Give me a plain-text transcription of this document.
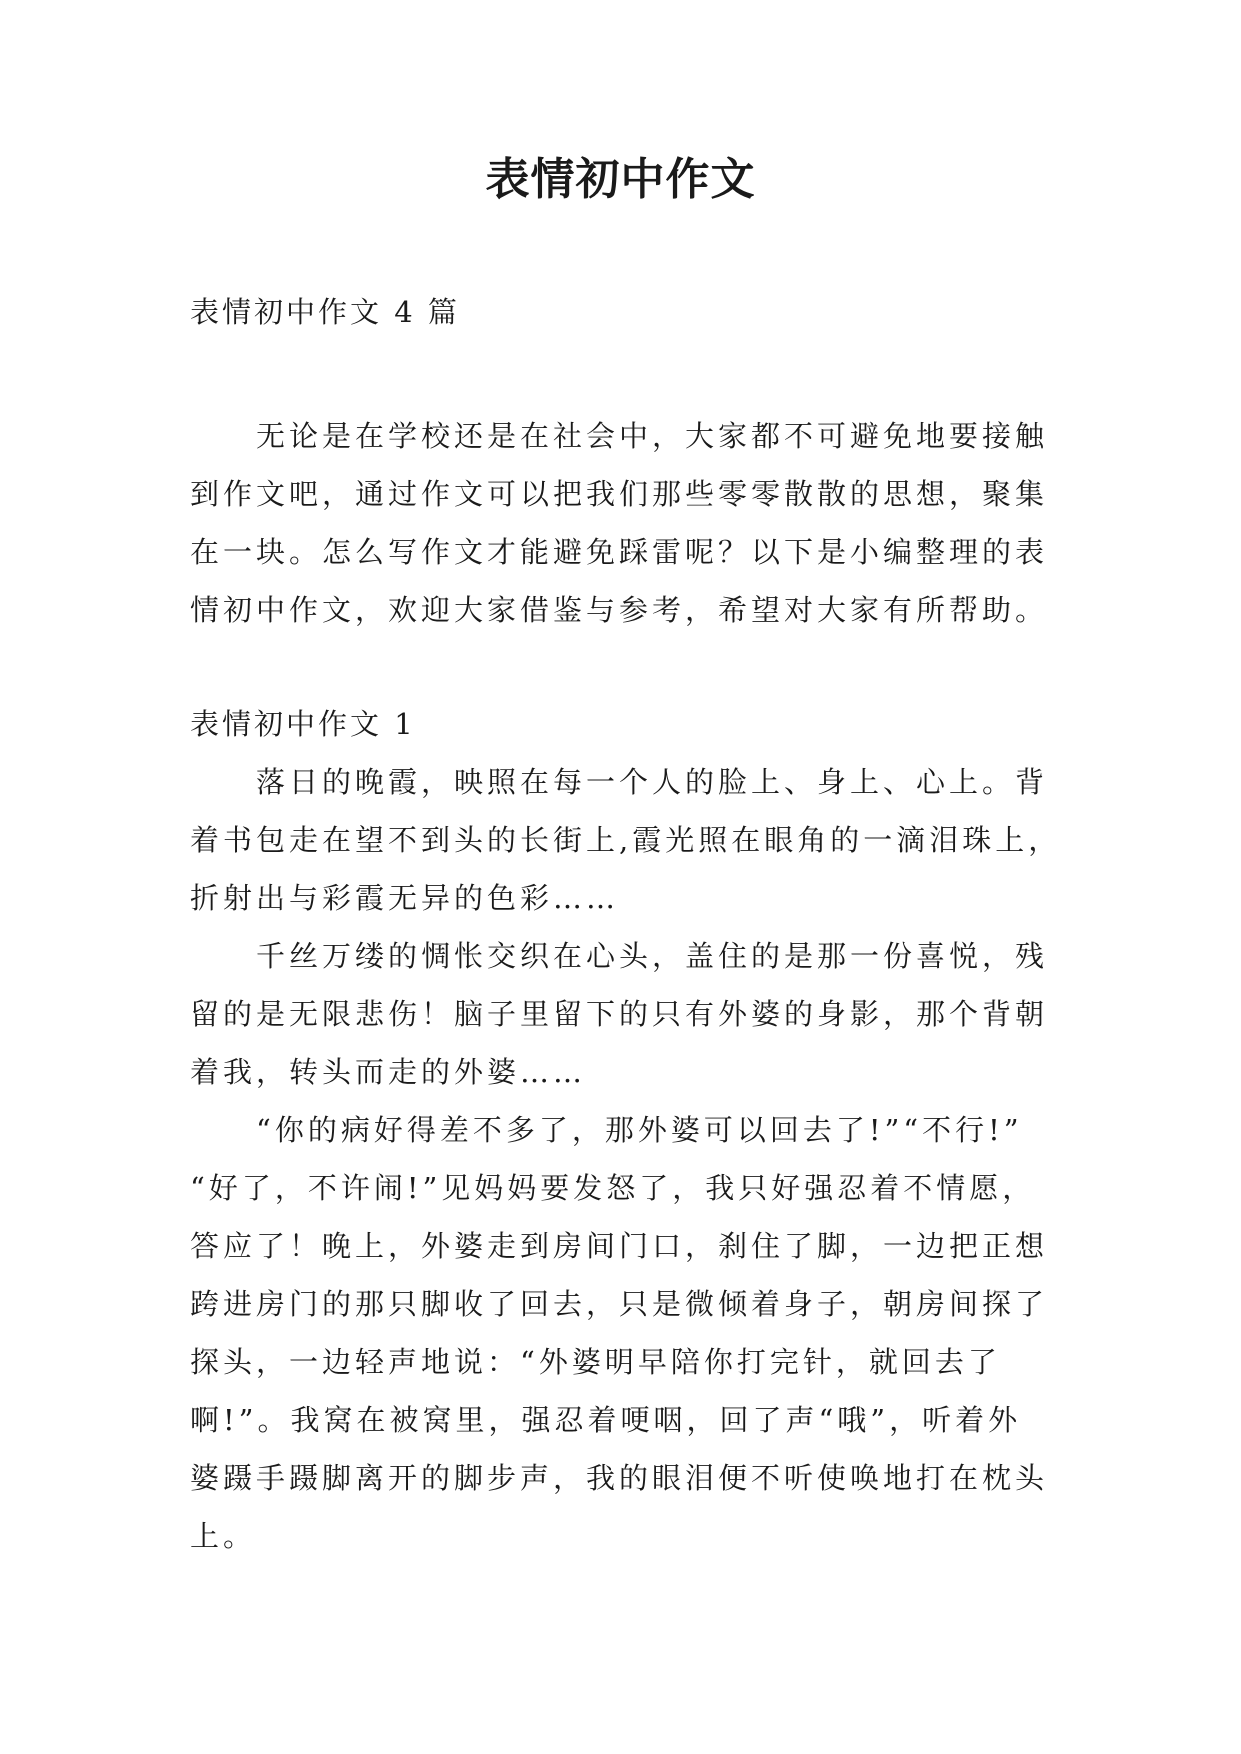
表情初中作文
表情初中作文 4 篇
无论是在学校还是在社会中，大家都不可避免地要接触
到作文吧，通过作文可以把我们那些零零散散的思想，聚集
在一块。怎么写作文才能避免踩雷呢？以下是小编整理的表
情初中作文，欢迎大家借鉴与参考，希望对大家有所帮助。
表情初中作文 1
落日的晚霞，映照在每一个人的脸上、身上、心上。背
着书包走在望不到头的长街上,霞光照在眼角的一滴泪珠上，
折射出与彩霞无异的色彩……
千丝万缕的惆怅交织在心头，盖住的是那一份喜悦，残
留的是无限悲伤！脑子里留下的只有外婆的身影，那个背朝
着我，转头而走的外婆……
“你的病好得差不多了，那外婆可以回去了!”“不行!”
“好了，不许闹!”见妈妈要发怒了，我只好强忍着不情愿，
答应了！晚上，外婆走到房间门口，刹住了脚，一边把正想
跨进房门的那只脚收了回去，只是微倾着身子，朝房间探了
探头，一边轻声地说：“外婆明早陪你打完针，就回去了
啊!”。我窝在被窝里，强忍着哽咽，回了声“哦”，听着外
婆蹑手蹑脚离开的脚步声，我的眼泪便不听使唤地打在枕头
上。
